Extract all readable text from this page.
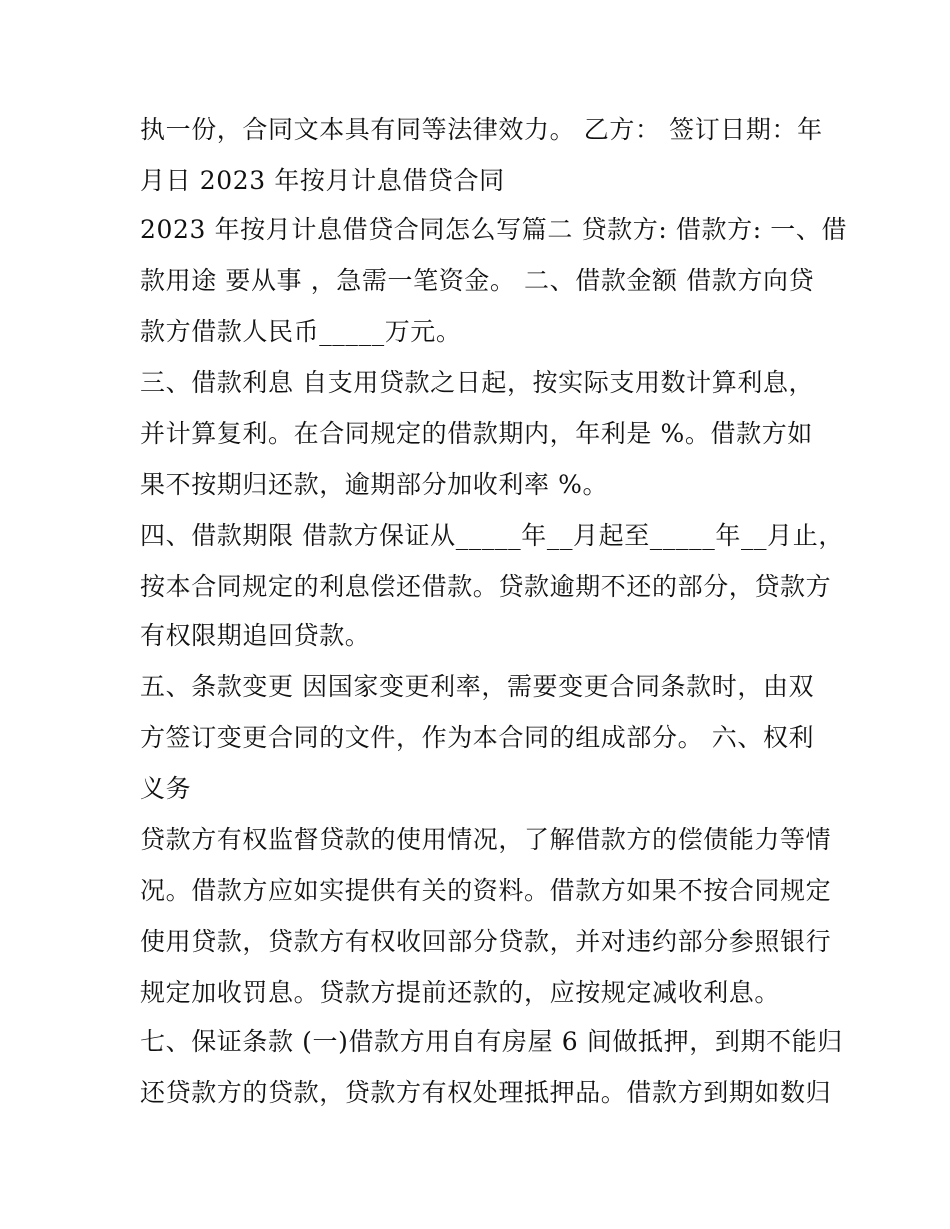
执一份，合同文本具有同等法律效力。 乙方： 签订日期：年
月日 2023 年按月计息借贷合同
2023 年按月计息借贷合同怎么写篇二 贷款方: 借款方: 一、借
款用途 要从事 ，急需一笔资金。 二、借款金额 借款方向贷
款方借款人民币_____万元。
三、借款利息 自支用贷款之日起，按实际支用数计算利息，
并计算复利。在合同规定的借款期内，年利是 %。借款方如
果不按期归还款，逾期部分加收利率 %。
四、借款期限 借款方保证从_____年__月起至_____年__月止，
按本合同规定的利息偿还借款。贷款逾期不还的部分，贷款方
有权限期追回贷款。
五、条款变更 因国家变更利率，需要变更合同条款时，由双
方签订变更合同的文件，作为本合同的组成部分。 六、权利
义务
贷款方有权监督贷款的使用情况，了解借款方的偿债能力等情
况。借款方应如实提供有关的资料。借款方如果不按合同规定
使用贷款，贷款方有权收回部分贷款，并对违约部分参照银行
规定加收罚息。贷款方提前还款的，应按规定减收利息。
七、保证条款 (一)借款方用自有房屋 6 间做抵押，到期不能归
还贷款方的贷款，贷款方有权处理抵押品。借款方到期如数归
